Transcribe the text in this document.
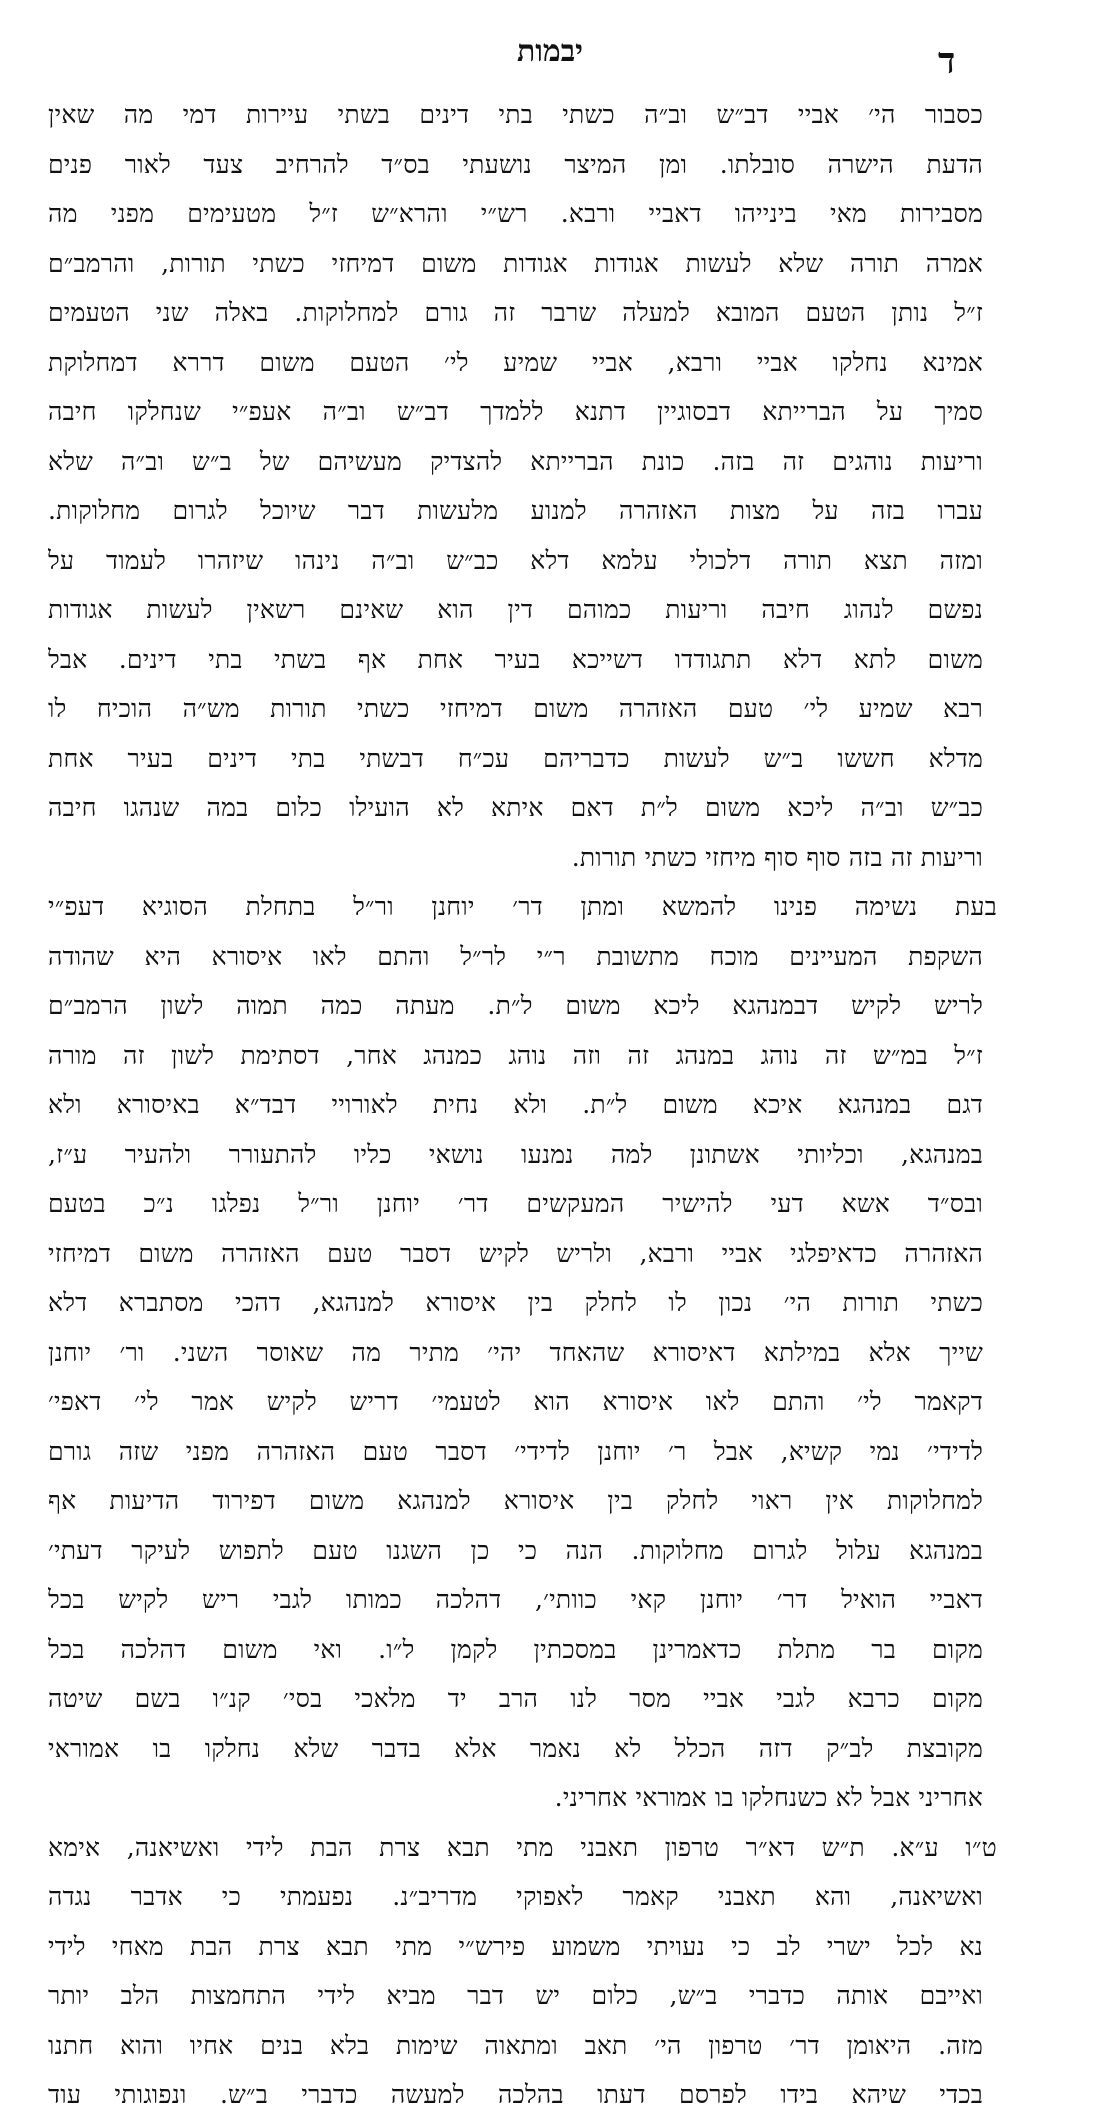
יבמות	ד
כסבור הי׳ אביי דב״ש וב״ה כשתי בתי דינים בשתי עיירות דמי מה שאין
הדעת הישרה סובלתו. ומן המיצר נושעתי בס״ד להרחיב צעד לאור פנים
מסבירות מאי בינייהו דאביי ורבא. רש״י והרא״ש ז״ל מטעימים מפני מה
אמרה תורה שלא לעשות אגודות אגודות משום דמיחזי כשתי תורות, והרמב״ם
ז״ל נותן הטעם המובא למעלה שרבר זה גורם למחלוקות. באלה שני הטעמים
אמינא נחלקו אביי ורבא, אביי שמיע לי׳ הטעם משום דררא דמחלוקת
סמיך על הברייתא דבסוגיין דתנא ללמדך דב״ש וב״ה אעפ״י שנחלקו חיבה
וריעות נוהגים זה בזה. כונת הברייתא להצדיק מעשיהם של ב״ש וב״ה שלא
עברו בזה על מצות האזהרה למנוע מלעשות דבר שיוכל לגרום מחלוקות.
ומזה תצא תורה דלכולי עלמא דלא כב״ש וב״ה נינהו שיזהרו לעמוד על
נפשם לנהוג חיבה וריעות כמוהם דין הוא שאינם רשאין לעשות אגודות
משום לתא דלא תתגודדו דשייכא בעיר אחת אף בשתי בתי דינים. אבל
רבא שמיע לי׳ טעם האזהרה משום דמיחזי כשתי תורות מש״ה הוכיח לו
מדלא חששו ב״ש לעשות כדבריהם עכ״ח דבשתי בתי דינים בעיר אחת
כב״ש וב״ה ליכא משום ל״ת דאם איתא לא הועילו כלום במה שנהגו חיבה
וריעות זה בזה סוף סוף מיחזי כשתי תורות.
בעת נשימה פנינו להמשא ומתן דר׳ יוחנן ור״ל בתחלת הסוגיא דעפ״י
השקפת המעיינים מוכח מתשובת ר״י לר״ל והתם לאו איסורא היא שהודה
לריש לקיש דבמנהגא ליכא משום ל״ת. מעתה כמה תמוה לשון הרמב״ם
ז״ל במ״ש זה נוהג במנהג זה וזה נוהג כמנהג אחר, דסתימת לשון זה מורה
דגם במנהגא איכא משום ל״ת. ולא נחית לאורויי דבד״א באיסורא ולא
במנהגא, וכליותי אשתונן למה נמנעו נושאי כליו להתעורר ולהעיר ע״ז,
ובס״ד אשא דעי להישיר המעקשים דר׳ יוחנן ור״ל נפלגו נ״כ בטעם
האזהרה כדאיפלגי אביי ורבא, ולריש לקיש דסבר טעם האזהרה משום דמיחזי
כשתי תורות הי׳ נכון לו לחלק בין איסורא למנהגא, דהכי מסתברא דלא
שייך אלא במילתא דאיסורא שהאחד יהי׳ מתיר מה שאוסר השני. ור׳ יוחנן
דקאמר לי׳ והתם לאו איסורא הוא לטעמי׳ דריש לקיש אמר לי׳ דאפי׳
לדידי׳ נמי קשיא, אבל ר׳ יוחנן לדידי׳ דסבר טעם האזהרה מפני שזה גורם
למחלוקות אין ראוי לחלק בין איסורא למנהגא משום דפירוד הדיעות אף
במנהגא עלול לגרום מחלוקות. הנה כי כן השגנו טעם לתפוש לעיקר דעתי׳
דאביי הואיל דר׳ יוחנן קאי כוותי׳, דהלכה כמותו לגבי ריש לקיש בכל
מקום בר מתלת כדאמרינן במסכתין לקמן ל״ו. ואי משום דהלכה בכל
מקום כרבא לגבי אביי מסר לנו הרב יד מלאכי בסי׳ קנ״ו בשם שיטה
מקובצת לב״ק דזה הכלל לא נאמר אלא בדבר שלא נחלקו בו אמוראי
אחריני אבל לא כשנחלקו בו אמוראי אחריני.
ט״ו ע״א. ת״ש דא״ר טרפון תאבני מתי תבא צרת הבת לידי ואשיאנה, אימא
ואשיאנה, והא תאבני קאמר לאפוקי מדריב״נ. נפעמתי כי אדבר נגדה
נא לכל ישרי לב כי נעויתי משמוע פירש״י מתי תבא צרת הבת מאחי לידי
ואייבם אותה כדברי ב״ש, כלום יש דבר מביא לידי התחמצות הלב יותר
מזה. היאומן דר׳ טרפון הי׳ תאב ומתאוה שימות בלא בנים אחיו והוא חתנו
בכדי שיהא בידו לפרסם דעתו בהלכה למעשה כדברי ב״ש. ונפוגותי עוד
